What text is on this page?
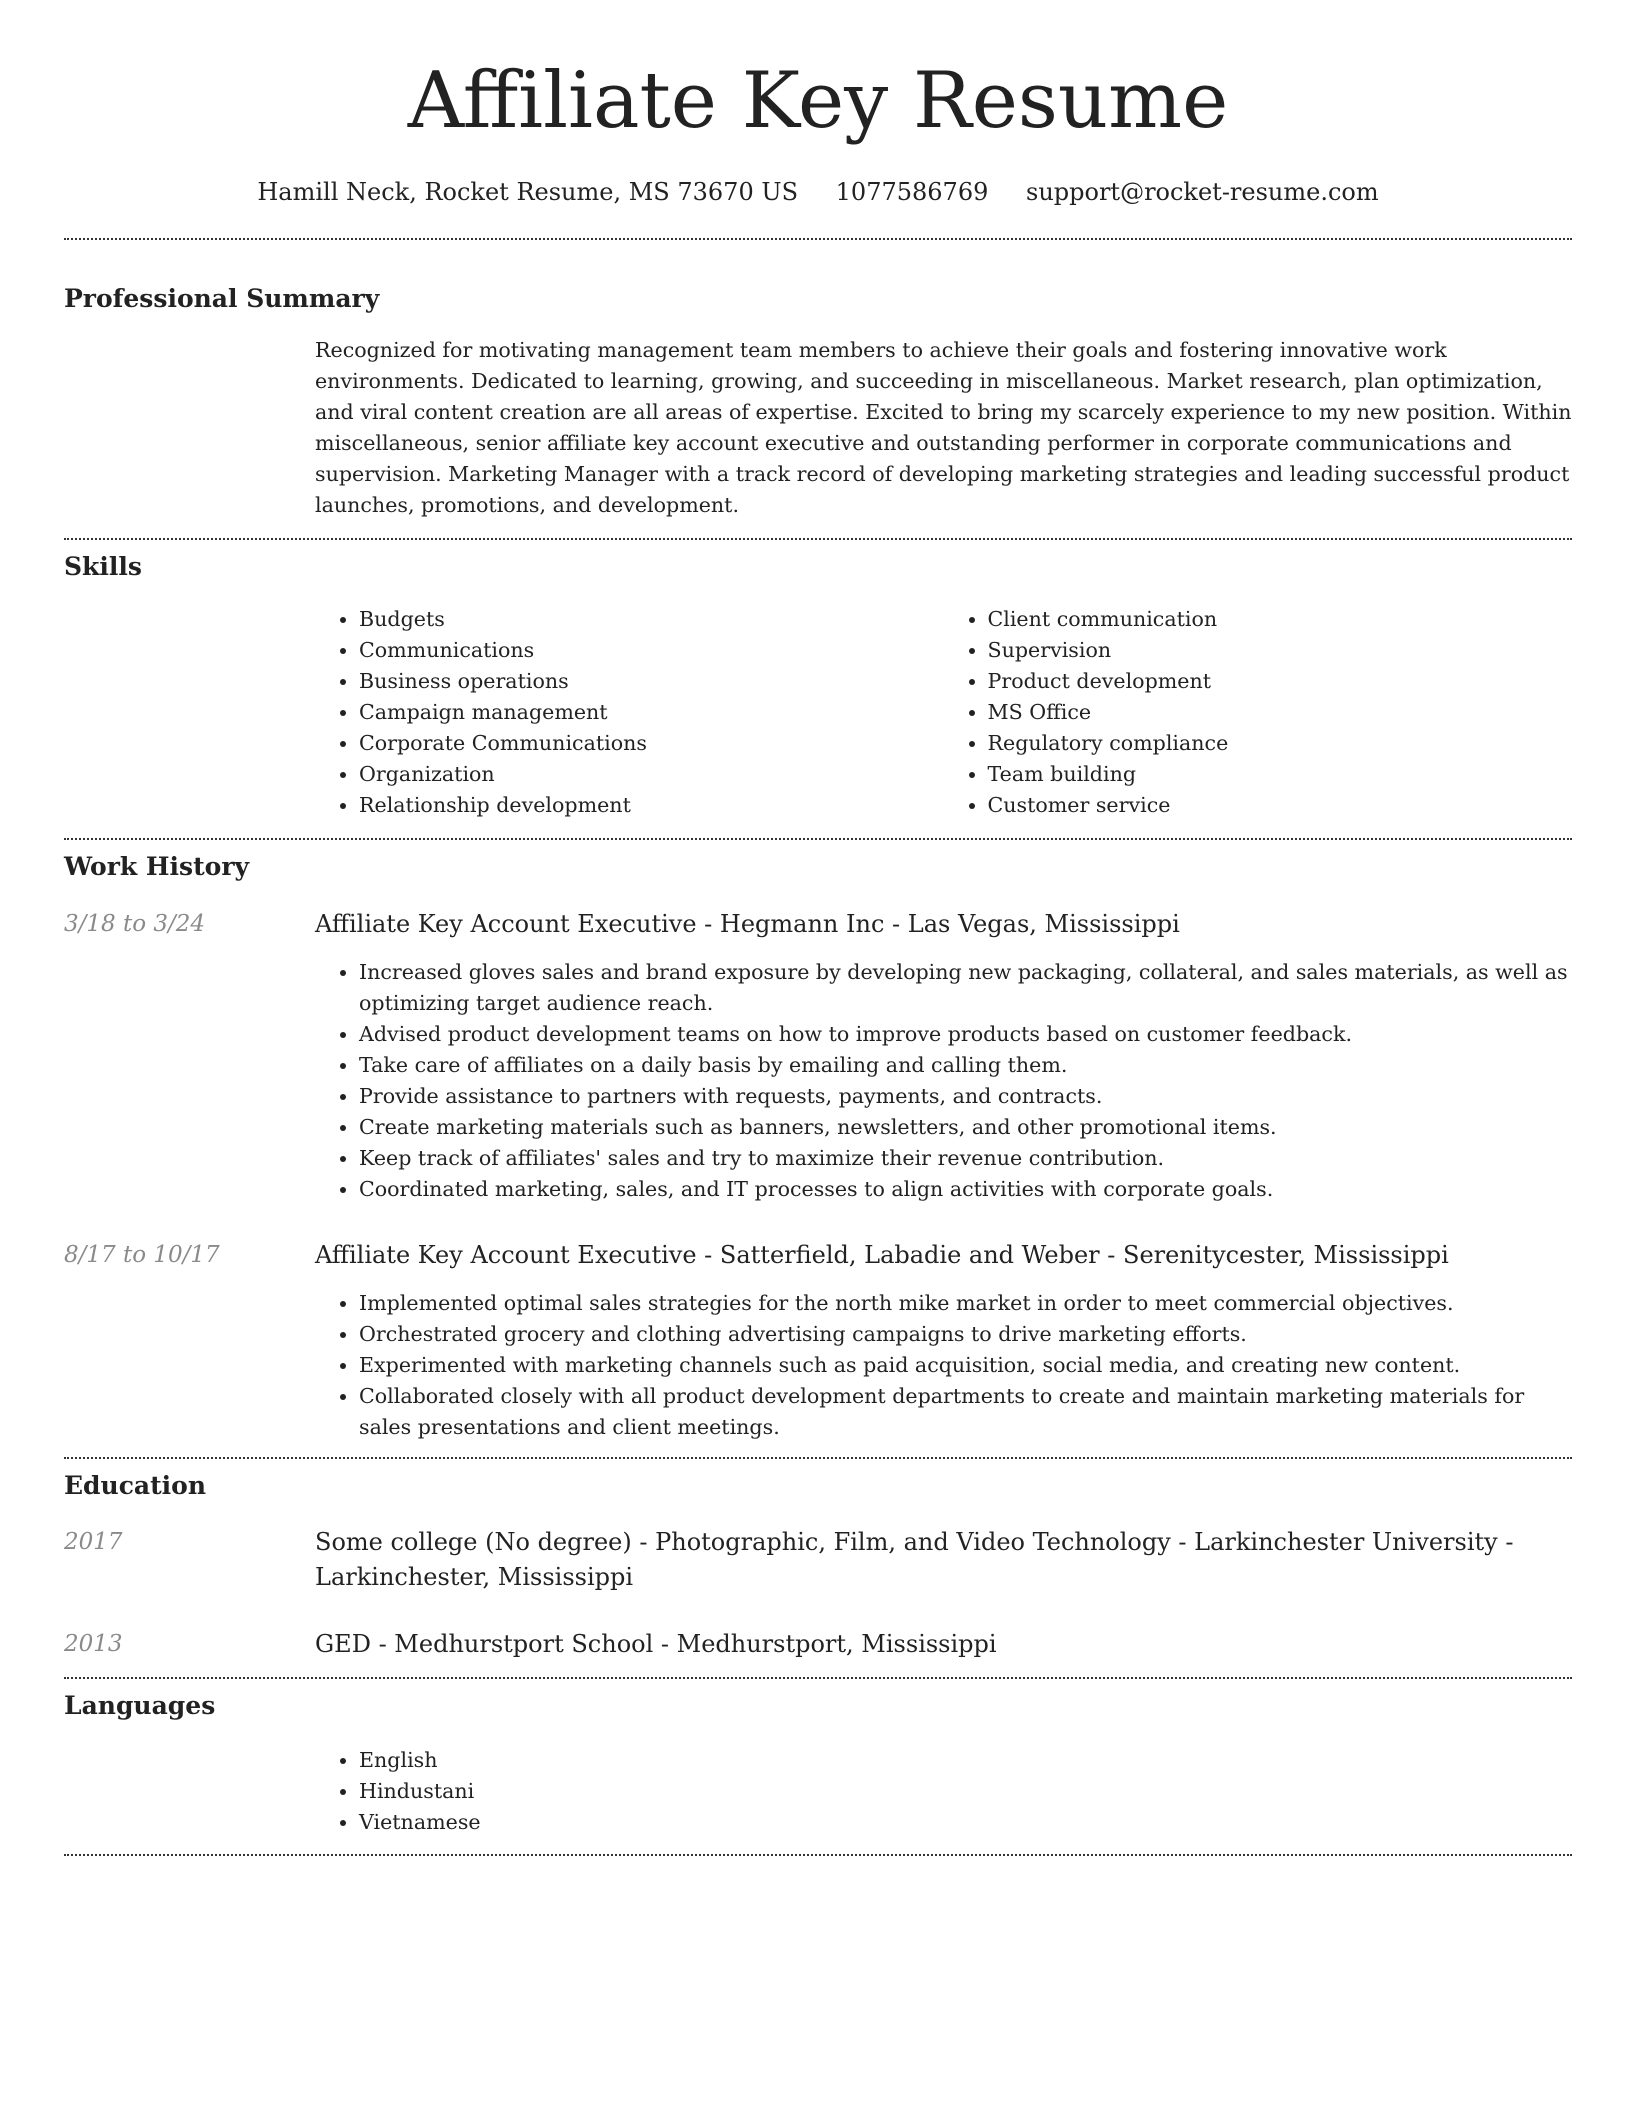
Affiliate Key Resume
Hamill Neck, Rocket Resume, MS 73670 US 1077586769 support@rocket-resume.com
Professional Summary
Recognized for motivating management team members to achieve their goals and fostering innovative work environments. Dedicated to learning, growing, and succeeding in miscellaneous. Market research, plan optimization, and viral content creation are all areas of expertise. Excited to bring my scarcely experience to my new position. Within miscellaneous, senior affiliate key account executive and outstanding performer in corporate communications and supervision. Marketing Manager with a track record of developing marketing strategies and leading successful product launches, promotions, and development.
Skills
• Budgets
• Communications
• Business operations
• Campaign management
• Corporate Communications
• Organization
• Relationship development
• Client communication
• Supervision
• Product development
• MS Office
• Regulatory compliance
• Team building
• Customer service
Work History
3/18 to 3/24	Affiliate Key Account Executive - Hegmann Inc - Las Vegas, Mississippi
• Increased gloves sales and brand exposure by developing new packaging, collateral, and sales materials, as well as optimizing target audience reach.
• Advised product development teams on how to improve products based on customer feedback.
• Take care of affiliates on a daily basis by emailing and calling them.
• Provide assistance to partners with requests, payments, and contracts.
• Create marketing materials such as banners, newsletters, and other promotional items.
• Keep track of affiliates' sales and try to maximize their revenue contribution.
• Coordinated marketing, sales, and IT processes to align activities with corporate goals.
8/17 to 10/17	Affiliate Key Account Executive - Satterfield, Labadie and Weber - Serenitycester, Mississippi
• Implemented optimal sales strategies for the north mike market in order to meet commercial objectives.
• Orchestrated grocery and clothing advertising campaigns to drive marketing efforts.
• Experimented with marketing channels such as paid acquisition, social media, and creating new content.
• Collaborated closely with all product development departments to create and maintain marketing materials for sales presentations and client meetings.
Education
2017	Some college (No degree) - Photographic, Film, and Video Technology - Larkinchester University - Larkinchester, Mississippi
2013	GED - Medhurstport School - Medhurstport, Mississippi
Languages
• English
• Hindustani
• Vietnamese
